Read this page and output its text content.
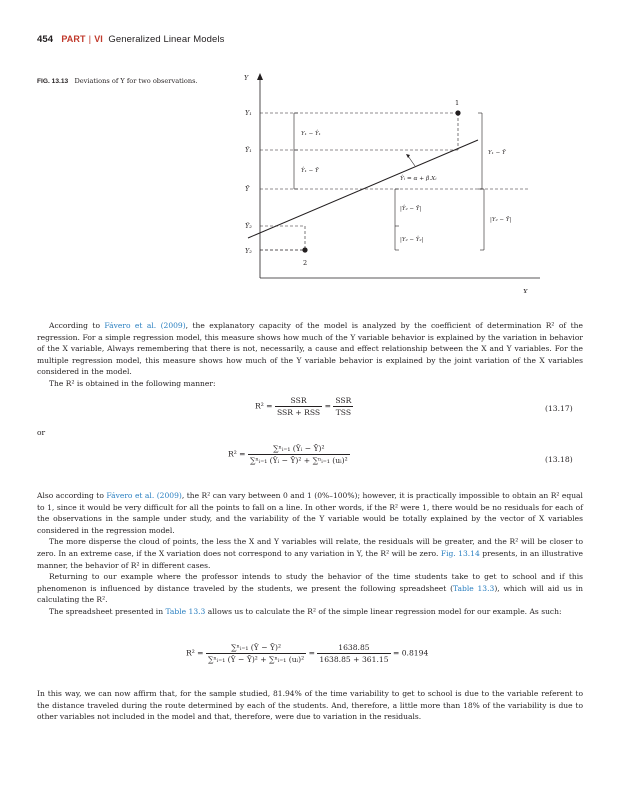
454 PART | VI Generalized Linear Models
FIG. 13.13 Deviations of Y for two observations.	Y
X
Y₁
Ŷ₁
Ȳ
Ŷ₂
Y₂
1
2
Y₁ − Ŷ₁
Ŷ₁ − Ȳ
Y₁ − Ȳ
Ŷᵢ = α + β.Xᵢ
|Ŷ₂ − Ȳ|
|Y₂ − Ŷ₂|
|Y₂ − Ȳ|

According to Fávero et al. (2009), the explanatory capacity of the model is analyzed by the coefficient of determination R² of the regression. For a simple regression model, this measure shows how much of the Y variable behavior is explained by the variation in behavior of the X variable, Always remembering that there is not, necessarily, a cause and effect relationship between the X and Y variables. For the multiple regression model, this measure shows how much of the Y variable behavior is explained by the joint variation of the X variables considered in the model.

The R² is obtained in the following manner:

$R^2 = \frac{\text{SSR}}{\text{SSR + RSS}} = \frac{\text{SSR}}{\text{TSS}}$	(13.17)
or
$R^2 = \frac{\text{∑ⁿᵢ₌₁ (Ŷᵢ − Ȳ)²}}{\text{∑ⁿᵢ₌₁ (Ŷᵢ − Ȳ)² + ∑ⁿᵢ₌₁ (uᵢ)²}}$	(13.18)

Also according to Fávero et al. (2009), the R² can vary between 0 and 1 (0%–100%); however, it is practically impossible to obtain an R² equal to 1, since it would be very difficult for all the points to fall on a line. In other words, if the R² were 1, there would be no residuals for each of the observations in the sample under study, and the variability of the Y variable would be totally explained by the vector of X variables considered in the regression model.

The more disperse the cloud of points, the less the X and Y variables will relate, the residuals will be greater, and the R² will be closer to zero. In an extreme case, if the X variation does not correspond to any variation in Y, the R² will be zero. Fig. 13.14 presents, in an illustrative manner, the behavior of R² in different cases.

Returning to our example where the professor intends to study the behavior of the time students take to get to school and if this phenomenon is influenced by distance traveled by the students, we present the following spreadsheet (Table 13.3), which will aid us in calculating the R².

The spreadsheet presented in Table 13.3 allows us to calculate the R² of the simple linear regression model for our example. As such:

$R^2 = \frac{\text{∑ⁿᵢ₌₁ (Ŷ − Ȳ)²}}{\text{∑ⁿᵢ₌₁ (Ŷ − Ȳ)² + ∑ⁿᵢ₌₁ (uᵢ)²}} = \frac{1638.85}{1638.85 + 361.15} = 0.8194$

In this way, we can now affirm that, for the sample studied, 81.94% of the time variability to get to school is due to the variable referent to the distance traveled during the route determined by each of the students. And, therefore, a little more than 18% of the variability is due to other variables not included in the model and that, therefore, were due to variation in the residuals.
